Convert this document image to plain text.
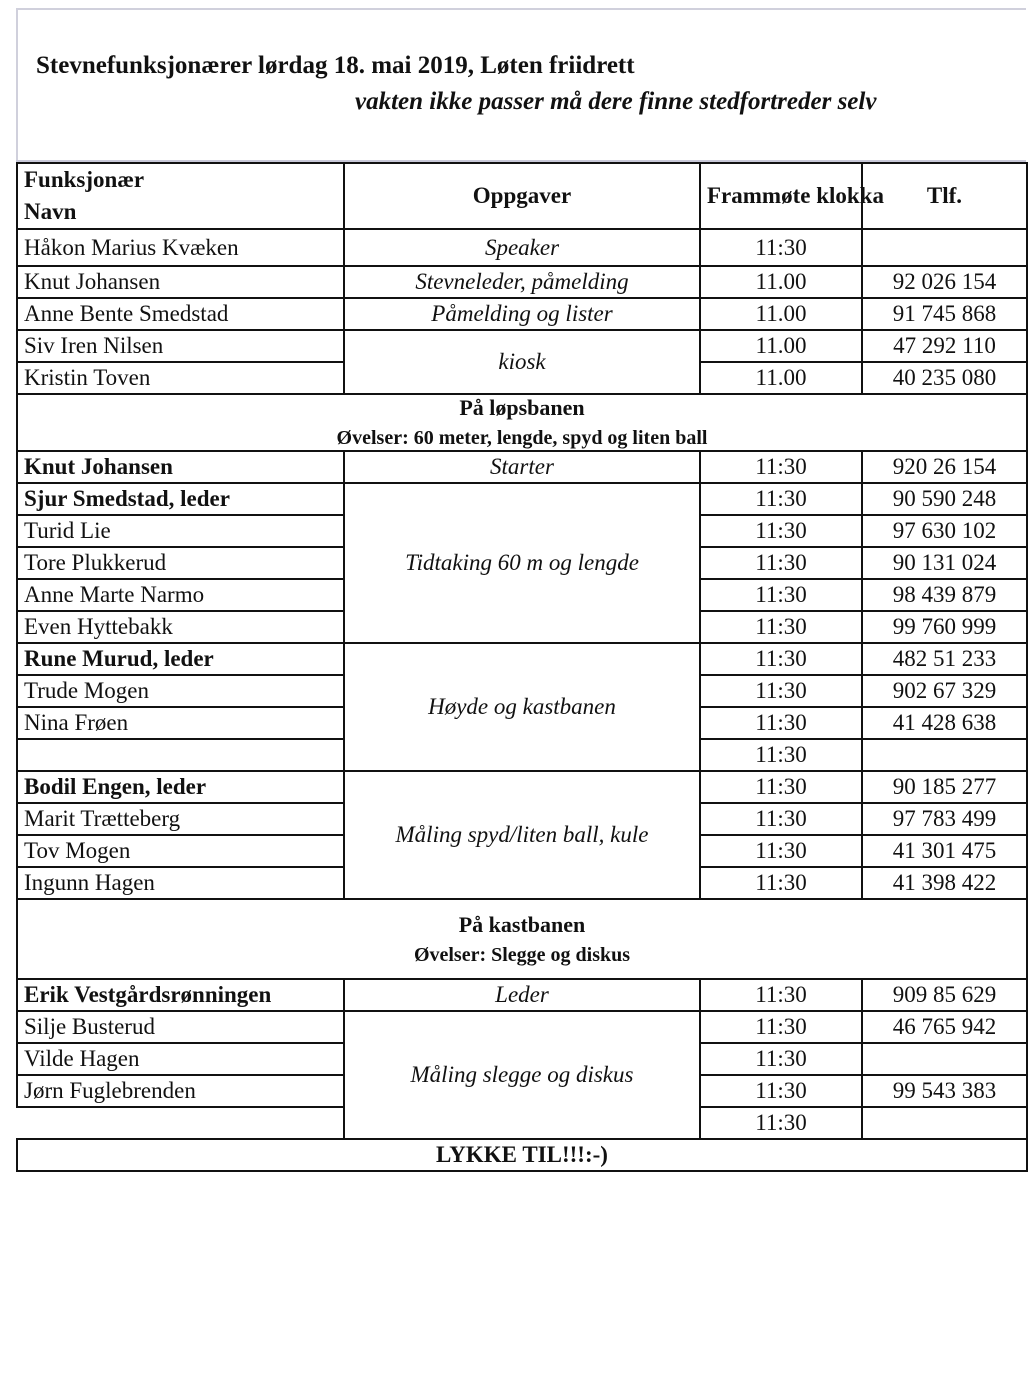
Stevnefunksjonærer lørdag 18. mai 2019, Løten friidrett
vakten ikke passer må dere finne stedfortreder selv
Funksjonær
Navn	Oppgaver	Frammøte klokka	Tlf.
Håkon Marius Kvæken	Speaker	11:30	
Knut Johansen	Stevneleder, påmelding	11.00	92 026 154
Anne Bente Smedstad	Påmelding og lister	11.00	91 745 868
Siv Iren Nilsen	kiosk	11.00	47 292 110
Kristin Toven		11.00	40 235 080

På løpsbanen
Øvelser: 60 meter, lengde, spyd og liten ball			

Knut Johansen	Starter	11:30	920 26 154
Sjur Smedstad, leder	Tidtaking 60 m og lengde	11:30	90 590 248
Turid Lie		11:30	97 630 102
Tore Plukkerud		11:30	90 131 024
Anne Marte Narmo		11:30	98 439 879
Even Hyttebakk		11:30	99 760 999
Rune Murud, leder	Høyde og kastbanen	11:30	482 51 233
Trude Mogen		11:30	902 67 329
Nina Frøen		11:30	41 428 638
		11:30	
Bodil Engen, leder	Måling spyd/liten ball, kule	11:30	90 185 277
Marit Trætteberg		11:30	97 783 499
Tov Mogen		11:30	41 301 475
Ingunn Hagen		11:30	41 398 422

På kastbanen
Øvelser: Slegge og diskus			

Erik Vestgårdsrønningen	Leder	11:30	909 85 629
Silje Busterud	Måling slegge og diskus	11:30	46 765 942
Vilde Hagen		11:30	
Jørn Fuglebrenden		11:30	99 543 383
		11:30	
LYKKE TIL!!!:-)			
